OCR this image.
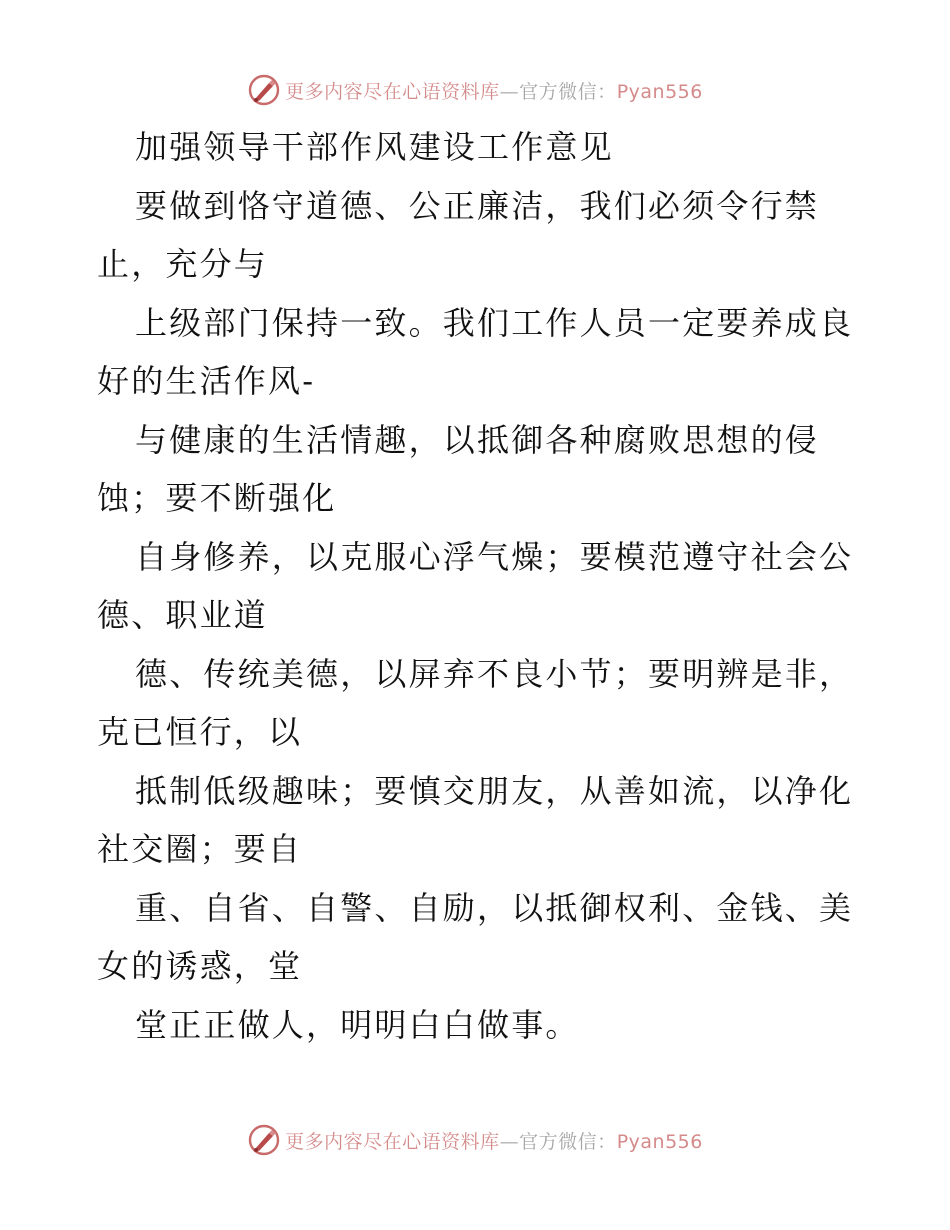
更多内容尽在心语资料库—官方微信：Pyan556
加强领导干部作风建设工作意见
要做到恪守道德、公正廉洁，我们必须令行禁
止，充分与
上级部门保持一致。我们工作人员一定要养成良
好的生活作风-
与健康的生活情趣，以抵御各种腐败思想的侵
蚀；要不断强化
自身修养，以克服心浮气燥；要模范遵守社会公
德、职业道
德、传统美德，以屏弃不良小节；要明辨是非，
克已恒行，以
抵制低级趣味；要慎交朋友，从善如流，以净化
社交圈；要自
重、自省、自警、自励，以抵御权利、金钱、美
女的诱惑，堂
堂正正做人，明明白白做事。
更多内容尽在心语资料库—官方微信：Pyan556
